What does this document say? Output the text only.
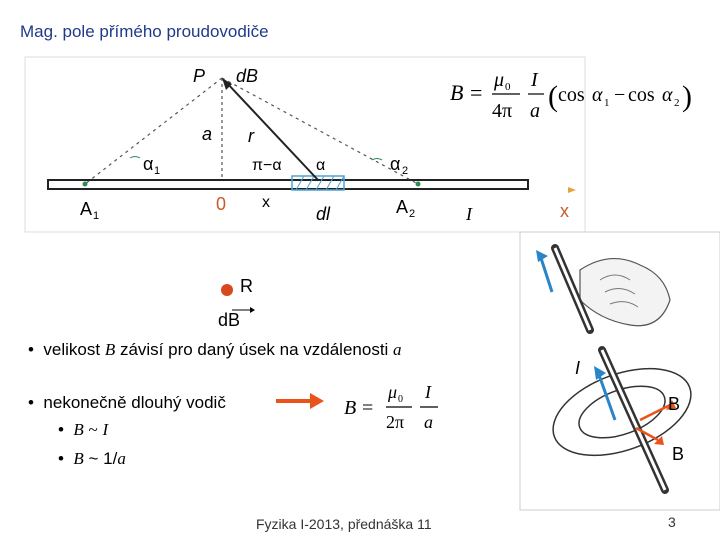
Mag. pole přímého proudovodiče
P dB
r
a
α 1	π−α α	α 2
A 1
0 x
dl	A 2	I	x
R
dB
B = μ 0
4π
I
a ( cos α 1 − cos α 2 )
B =
μ 0
2π
I
a
I
B
B
•  velikost B závisí pro daný úsek na vzdálenosti a
•  nekonečně dlouhý vodič
•  B ~ I
•  B ~ 1/a
Fyzika I-2013, přednáška 11	3
